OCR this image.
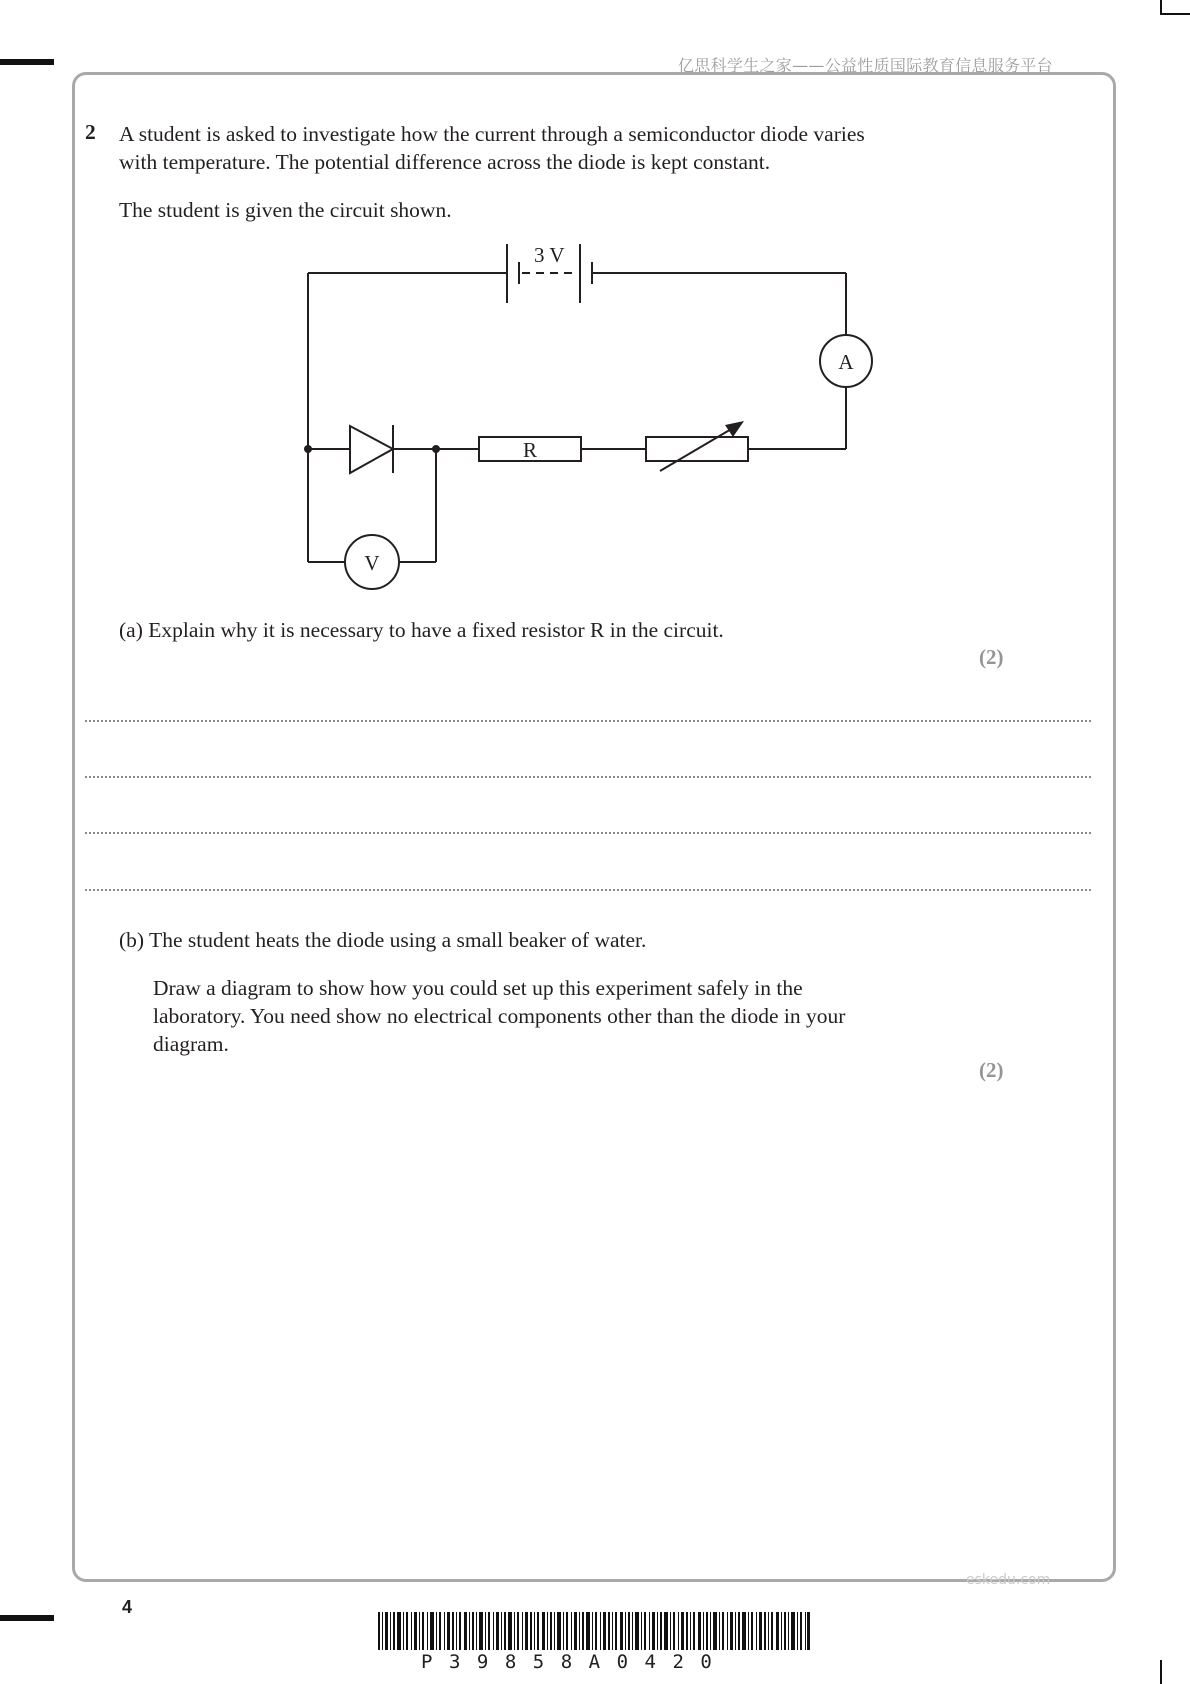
亿思科学生之家——公益性质国际教育信息服务平台
2 A student is asked to investigate how the current through a semiconductor diode varies
with temperature. The potential difference across the diode is kept constant.
The student is given the circuit shown.
3 V
A
R
V
(a) Explain why it is necessary to have a fixed resistor R in the circuit.
(2)
(b) The student heats the diode using a small beaker of water.
Draw a diagram to show how you could set up this experiment safely in the
laboratory. You need show no electrical components other than the diode in your
diagram.
(2)
eskedu.com
4
P39858A0420
